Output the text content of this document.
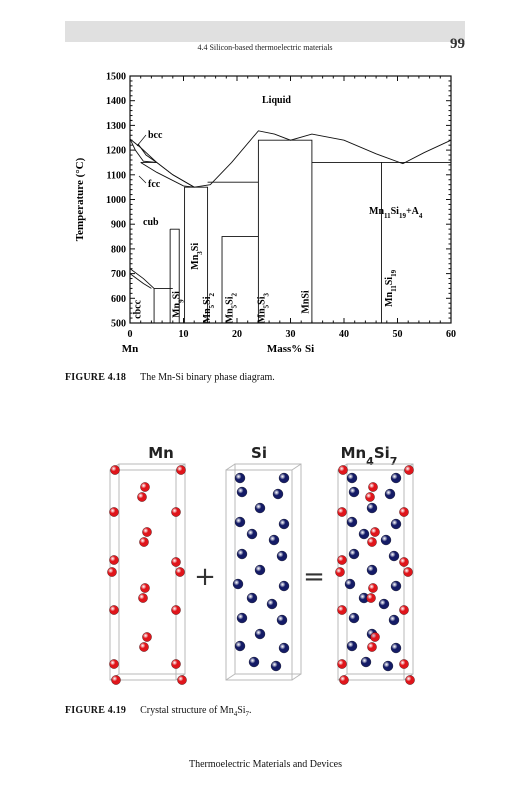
4.4 Silicon-based thermoelectric materials	99
500
600
700
800
900
1000
1100
1200
1300
1400
1500
0	10	20	30	40	50	60
Temperature (°C)
Mass% Si
Mn
Liquid
bcc
fcc
cub
cbcc
$Mn_{11}Si_{19}+A_4$
$Mn_9Si$
$Mn_3Si$
$Mn_5Si_2$
$Mn_5Si_2$
$Mn_5Si_3$	MnSi	$Mn_{11}Si_{19}$
FIGURE 4.18 The Mn-Si binary phase diagram.
Mn	Si	$Mn_4Si_7$
+	=
FIGURE 4.19 Crystal structure of $Mn_4Si_7$.
Thermoelectric Materials and Devices
